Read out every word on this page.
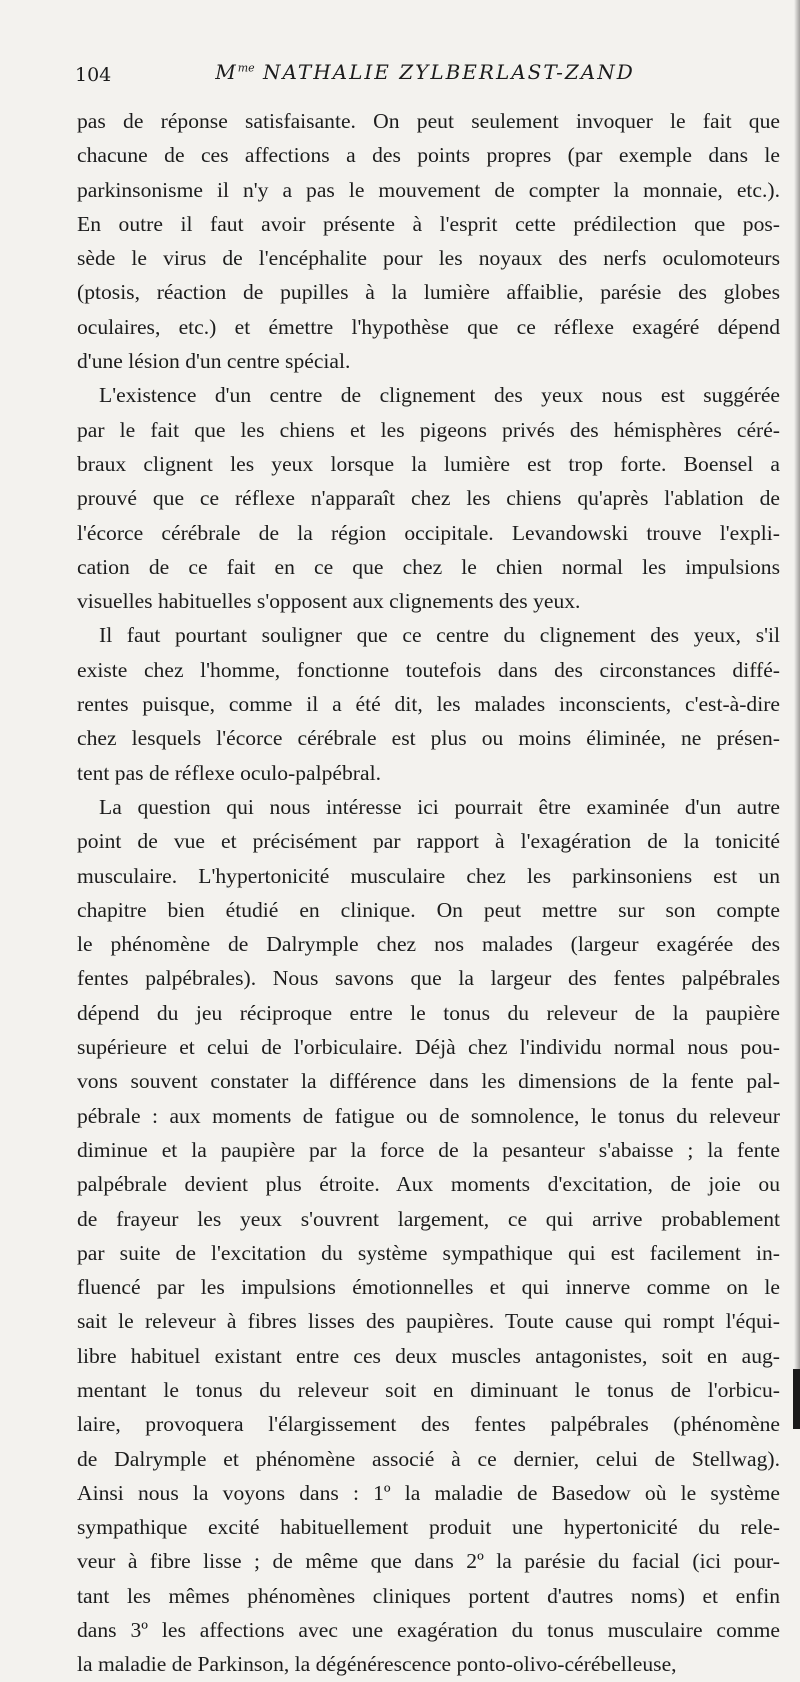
104	$M^{me}$ NATHALIE ZYLBERLAST-ZAND
pas de réponse satisfaisante. On peut seulement invoquer le fait que
chacune de ces affections a des points propres (par exemple dans le
parkinsonisme il n'y a pas le mouvement de compter la monnaie, etc.).
En outre il faut avoir présente à l'esprit cette prédilection que pos-
sède le virus de l'encéphalite pour les noyaux des nerfs oculomoteurs
(ptosis, réaction de pupilles à la lumière affaiblie, parésie des globes
oculaires, etc.) et émettre l'hypothèse que ce réflexe exagéré dépend
d'une lésion d'un centre spécial.
L'existence d'un centre de clignement des yeux nous est suggérée
par le fait que les chiens et les pigeons privés des hémisphères céré-
braux clignent les yeux lorsque la lumière est trop forte. Boensel a
prouvé que ce réflexe n'apparaît chez les chiens qu'après l'ablation de
l'écorce cérébrale de la région occipitale. Levandowski trouve l'expli-
cation de ce fait en ce que chez le chien normal les impulsions
visuelles habituelles s'opposent aux clignements des yeux.
Il faut pourtant souligner que ce centre du clignement des yeux, s'il
existe chez l'homme, fonctionne toutefois dans des circonstances diffé-
rentes puisque, comme il a été dit, les malades inconscients, c'est-à-dire
chez lesquels l'écorce cérébrale est plus ou moins éliminée, ne présen-
tent pas de réflexe oculo-palpébral.
La question qui nous intéresse ici pourrait être examinée d'un autre
point de vue et précisément par rapport à l'exagération de la tonicité
musculaire. L'hypertonicité musculaire chez les parkinsoniens est un
chapitre bien étudié en clinique. On peut mettre sur son compte
le phénomène de Dalrymple chez nos malades (largeur exagérée des
fentes palpébrales). Nous savons que la largeur des fentes palpébrales
dépend du jeu réciproque entre le tonus du releveur de la paupière
supérieure et celui de l'orbiculaire. Déjà chez l'individu normal nous pou-
vons souvent constater la différence dans les dimensions de la fente pal-
pébrale : aux moments de fatigue ou de somnolence, le tonus du releveur
diminue et la paupière par la force de la pesanteur s'abaisse ; la fente
palpébrale devient plus étroite. Aux moments d'excitation, de joie ou
de frayeur les yeux s'ouvrent largement, ce qui arrive probablement
par suite de l'excitation du système sympathique qui est facilement in-
fluencé par les impulsions émotionnelles et qui innerve comme on le
sait le releveur à fibres lisses des paupières. Toute cause qui rompt l'équi-
libre habituel existant entre ces deux muscles antagonistes, soit en aug-
mentant le tonus du releveur soit en diminuant le tonus de l'orbicu-
laire, provoquera l'élargissement des fentes palpébrales (phénomène
de Dalrymple et phénomène associé à ce dernier, celui de Stellwag).
Ainsi nous la voyons dans : 1º la maladie de Basedow où le système
sympathique excité habituellement produit une hypertonicité du rele-
veur à fibre lisse ; de même que dans 2º la parésie du facial (ici pour-
tant les mêmes phénomènes cliniques portent d'autres noms) et enfin
dans 3º les affections avec une exagération du tonus musculaire comme
la maladie de Parkinson, la dégénérescence ponto-olivo-cérébelleuse,
